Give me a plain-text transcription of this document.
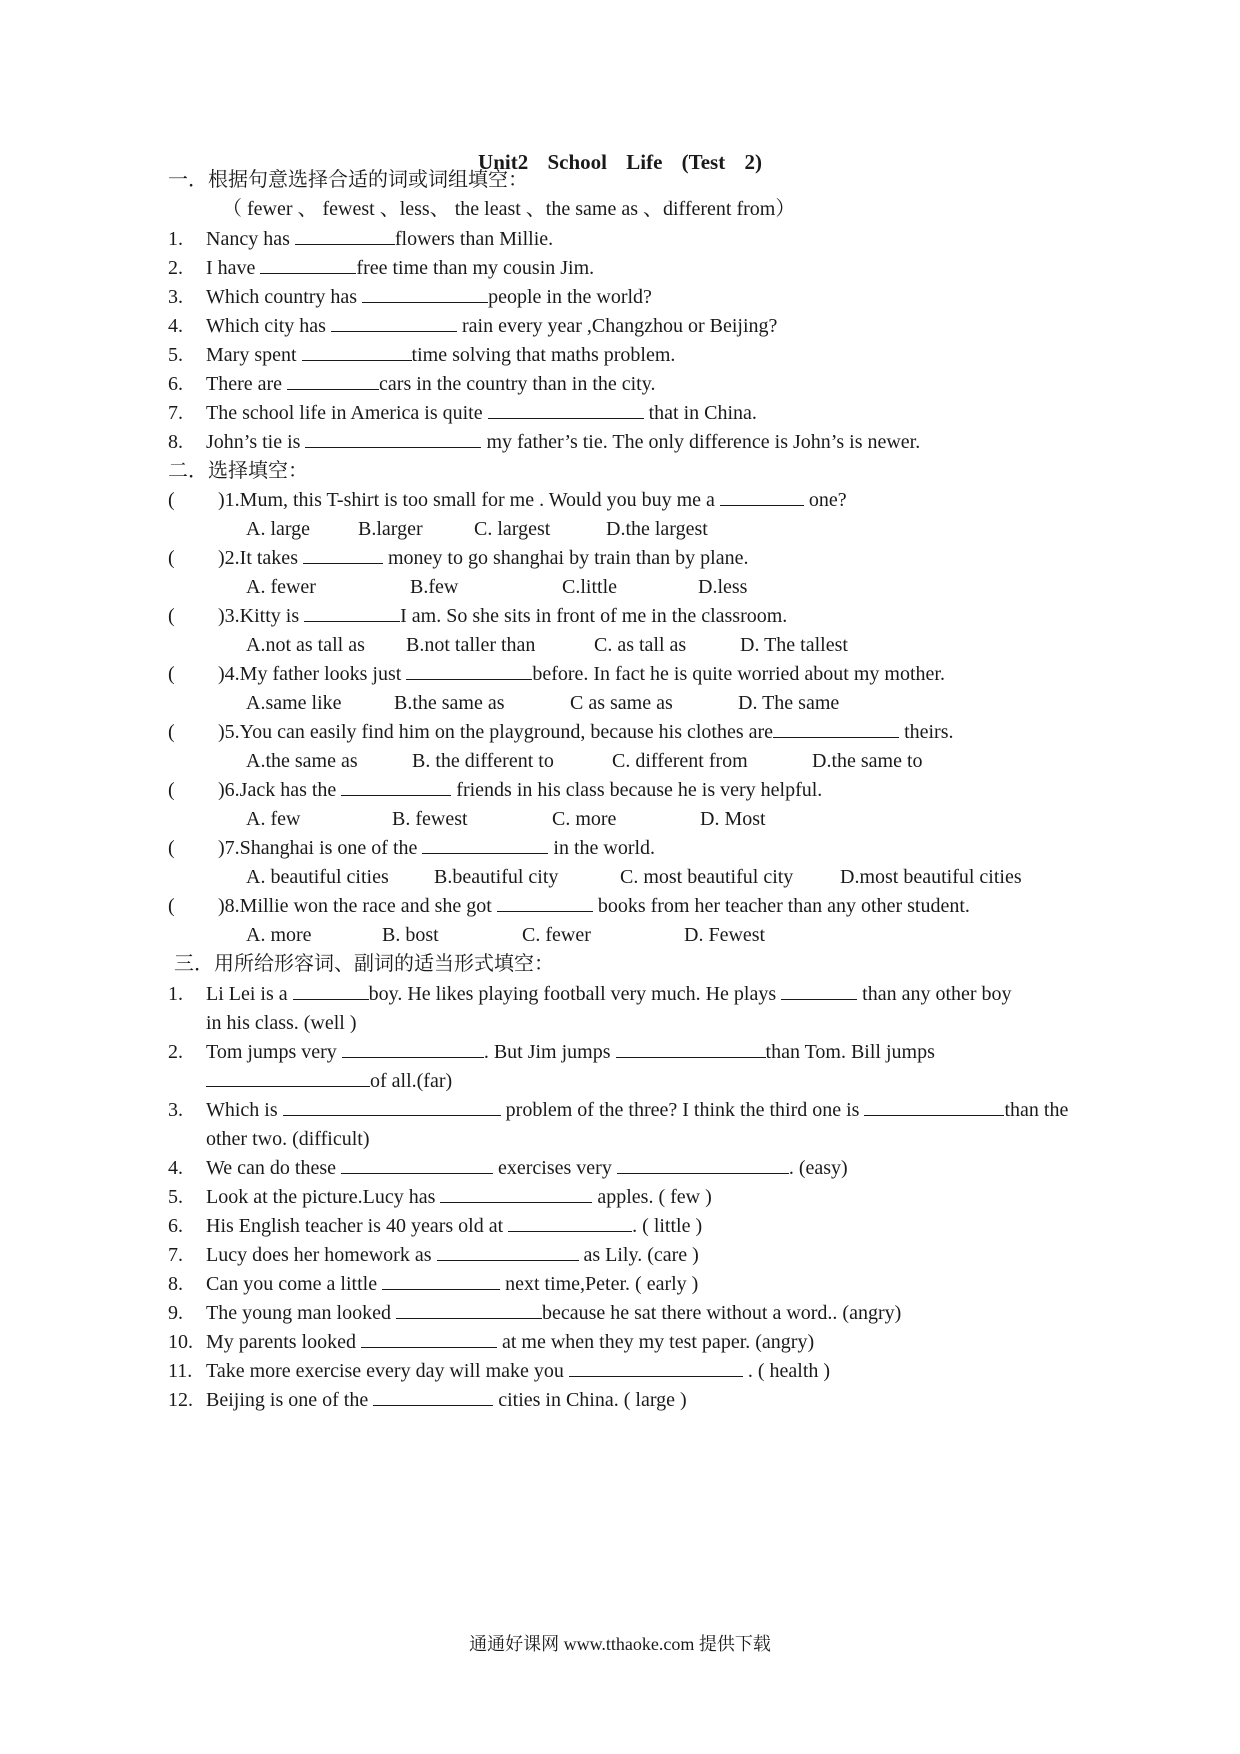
Unit2 School Life (Test 2)
一．根据句意选择合适的词或词组填空：
（ fewer 、 fewest 、less、 the least 、the same as 、different from）
1.	Nancy has	flowers than Millie.
2.	I have	free time than my cousin Jim.
3.	Which country has	people in the world?
4.	Which city has	rain every year ,Changzhou or Beijing?
5.	Mary spent	time solving that maths problem.
6.	There are	cars in the country than in the city.
7.	The school life in America is quite	that in China.
8.	John’s tie is	my father’s tie. The only difference is John’s is newer.
二．选择填空：
( )1.Mum, this T-shirt is too small for me . Would you buy me a	one?
A. large B.larger	C. largest	D.the largest
( )2.It takes	money to go shanghai by train than by plane.
A. fewer	B.few	C.little	D.less
( )3.Kitty is	I am. So she sits in front of me in the classroom.
A.not as tall as B.not taller than	C. as tall as	D. The tallest
( )4.My father looks just	before. In fact he is quite worried about my mother.
A.same like	B.the same as	C as same as	D. The same
( )5.You can easily find him on the playground, because his clothes are	theirs.
A.the same as	B. the different to	C. different from	D.the same to
( )6.Jack has the	friends in his class because he is very helpful.
A. few	B. fewest	C. more	D. Most
( )7.Shanghai is one of the	in the world.
A. beautiful cities B.beautiful city	C. most beautiful city D.most beautiful cities
( )8.Millie won the race and she got	books from her teacher than any other student.
A. more	B. bost	C. fewer	D. Fewest
三．用所给形容词、副词的适当形式填空：
1.	Li Lei is a	boy. He likes playing football very much. He plays	than any other boy
in his class. (well )
2.	Tom jumps very	. But Jim jumps	than Tom. Bill jumps
of all.(far)
3.	Which is	problem of the three? I think the third one is	than the
other two. (difficult)
4.	We can do these	exercises very	. (easy)
5.	Look at the picture.Lucy has	apples. ( few )
6.	His English teacher is 40 years old at	. ( little )
7.	Lucy does her homework as	as Lily. (care )
8.	Can you come a little	next time,Peter. ( early )
9.	The young man looked	because he sat there without a word.. (angry)
10. My parents looked	at me when they my test paper. (angry)
11. Take more exercise every day will make you	. ( health )
12. Beijing is one of the	cities in China. ( large )
通通好课网 www.tthaoke.com 提供下载
